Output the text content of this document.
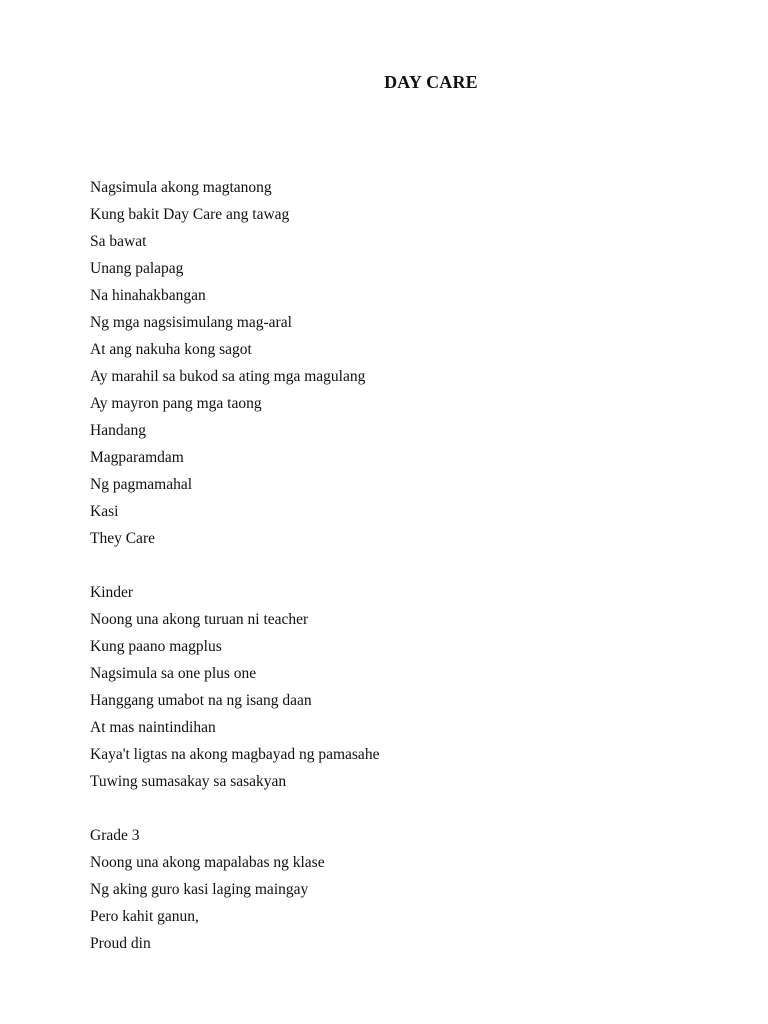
DAY CARE
Nagsimula akong magtanong
Kung bakit Day Care ang tawag
Sa bawat
Unang palapag
Na hinahakbangan
Ng mga nagsisimulang mag-aral
At ang nakuha kong sagot
Ay marahil sa bukod sa ating mga magulang
Ay mayron pang mga taong
Handang
Magparamdam
Ng pagmamahal
Kasi
They Care
Kinder
Noong una akong turuan ni teacher
Kung paano magplus
Nagsimula sa one plus one
Hanggang umabot na ng isang daan
At mas naintindihan
Kaya't ligtas na akong magbayad ng pamasahe
Tuwing sumasakay sa sasakyan
Grade 3
Noong una akong mapalabas ng klase
Ng aking guro kasi laging maingay
Pero kahit ganun,
Proud din
